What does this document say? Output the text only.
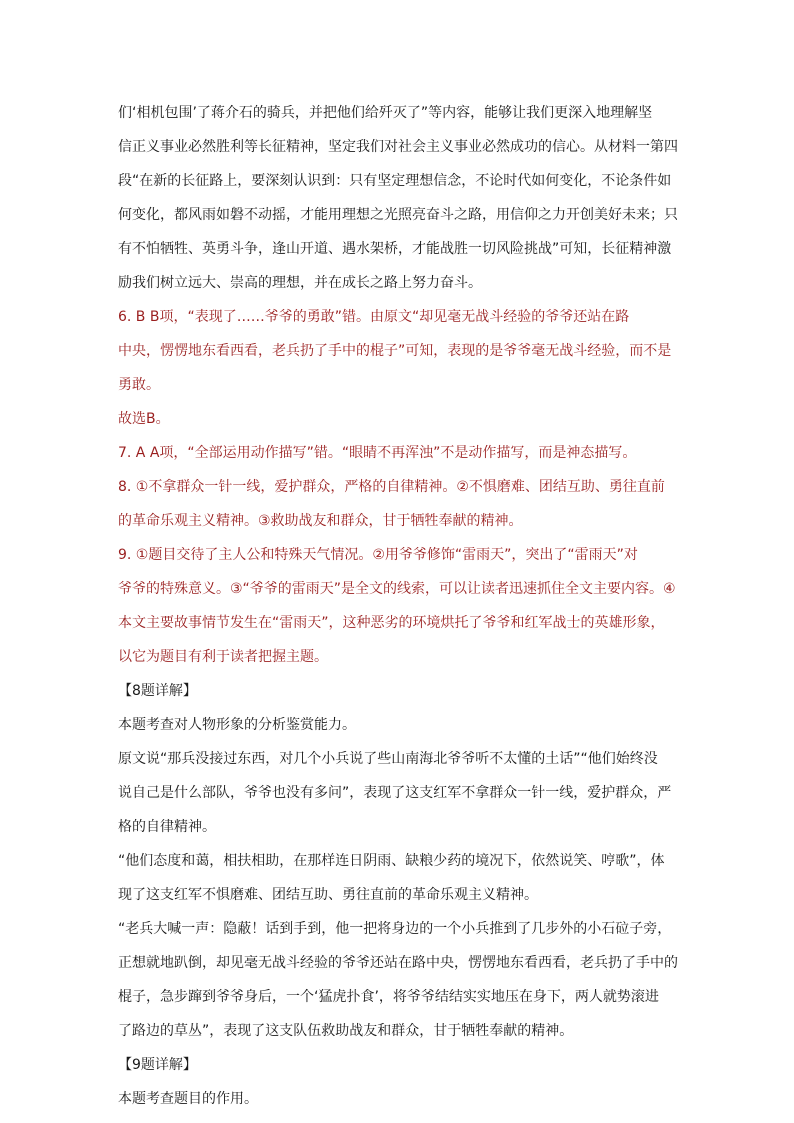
们‘相机包围’了蒋介石的骑兵，并把他们给歼灭了”等内容，能够让我们更深入地理解坚
信正义事业必然胜利等长征精神，坚定我们对社会主义事业必然成功的信心。从材料一第四
段“在新的长征路上，要深刻认识到：只有坚定理想信念，不论时代如何变化，不论条件如
何变化，都风雨如磐不动摇，才能用理想之光照亮奋斗之路，用信仰之力开创美好未来；只
有不怕牺牲、英勇斗争，逢山开道、遇水架桥，才能战胜一切风险挑战”可知，长征精神激
励我们树立远大、崇高的理想，并在成长之路上努力奋斗。
6. B B项，“表现了……爷爷的勇敢”错。由原文“却见毫无战斗经验的爷爷还站在路
中央，愣愣地东看西看，老兵扔了手中的棍子”可知，表现的是爷爷毫无战斗经验，而不是
勇敢。
故选B。
7. A A项，“全部运用动作描写”错。“眼睛不再浑浊”不是动作描写，而是神态描写。
8. ①不拿群众一针一线，爱护群众，严格的自律精神。②不惧磨难、团结互助、勇往直前
的革命乐观主义精神。③救助战友和群众，甘于牺牲奉献的精神。
9. ①题目交待了主人公和特殊天气情况。②用爷爷修饰“雷雨天”，突出了“雷雨天”对
爷爷的特殊意义。③“爷爷的雷雨天”是全文的线索，可以让读者迅速抓住全文主要内容。④
本文主要故事情节发生在“雷雨天”，这种恶劣的环境烘托了爷爷和红军战士的英雄形象，
以它为题目有利于读者把握主题。
【8题详解】
本题考查对人物形象的分析鉴赏能力。
原文说“那兵没接过东西，对几个小兵说了些山南海北爷爷听不太懂的土话”“他们始终没
说自己是什么部队，爷爷也没有多问”，表现了这支红军不拿群众一针一线，爱护群众，严
格的自律精神。
“他们态度和蔼，相扶相助，在那样连日阴雨、缺粮少药的境况下，依然说笑、哼歌”，体
现了这支红军不惧磨难、团结互助、勇往直前的革命乐观主义精神。
“老兵大喊一声：隐蔽！话到手到，他一把将身边的一个小兵推到了几步外的小石砬子旁，
正想就地趴倒，却见毫无战斗经验的爷爷还站在路中央，愣愣地东看西看，老兵扔了手中的
棍子，急步蹿到爷爷身后，一个‘猛虎扑食’，将爷爷结结实实地压在身下，两人就势滚进
了路边的草丛”，表现了这支队伍救助战友和群众，甘于牺牲奉献的精神。
【9题详解】
本题考查题目的作用。
